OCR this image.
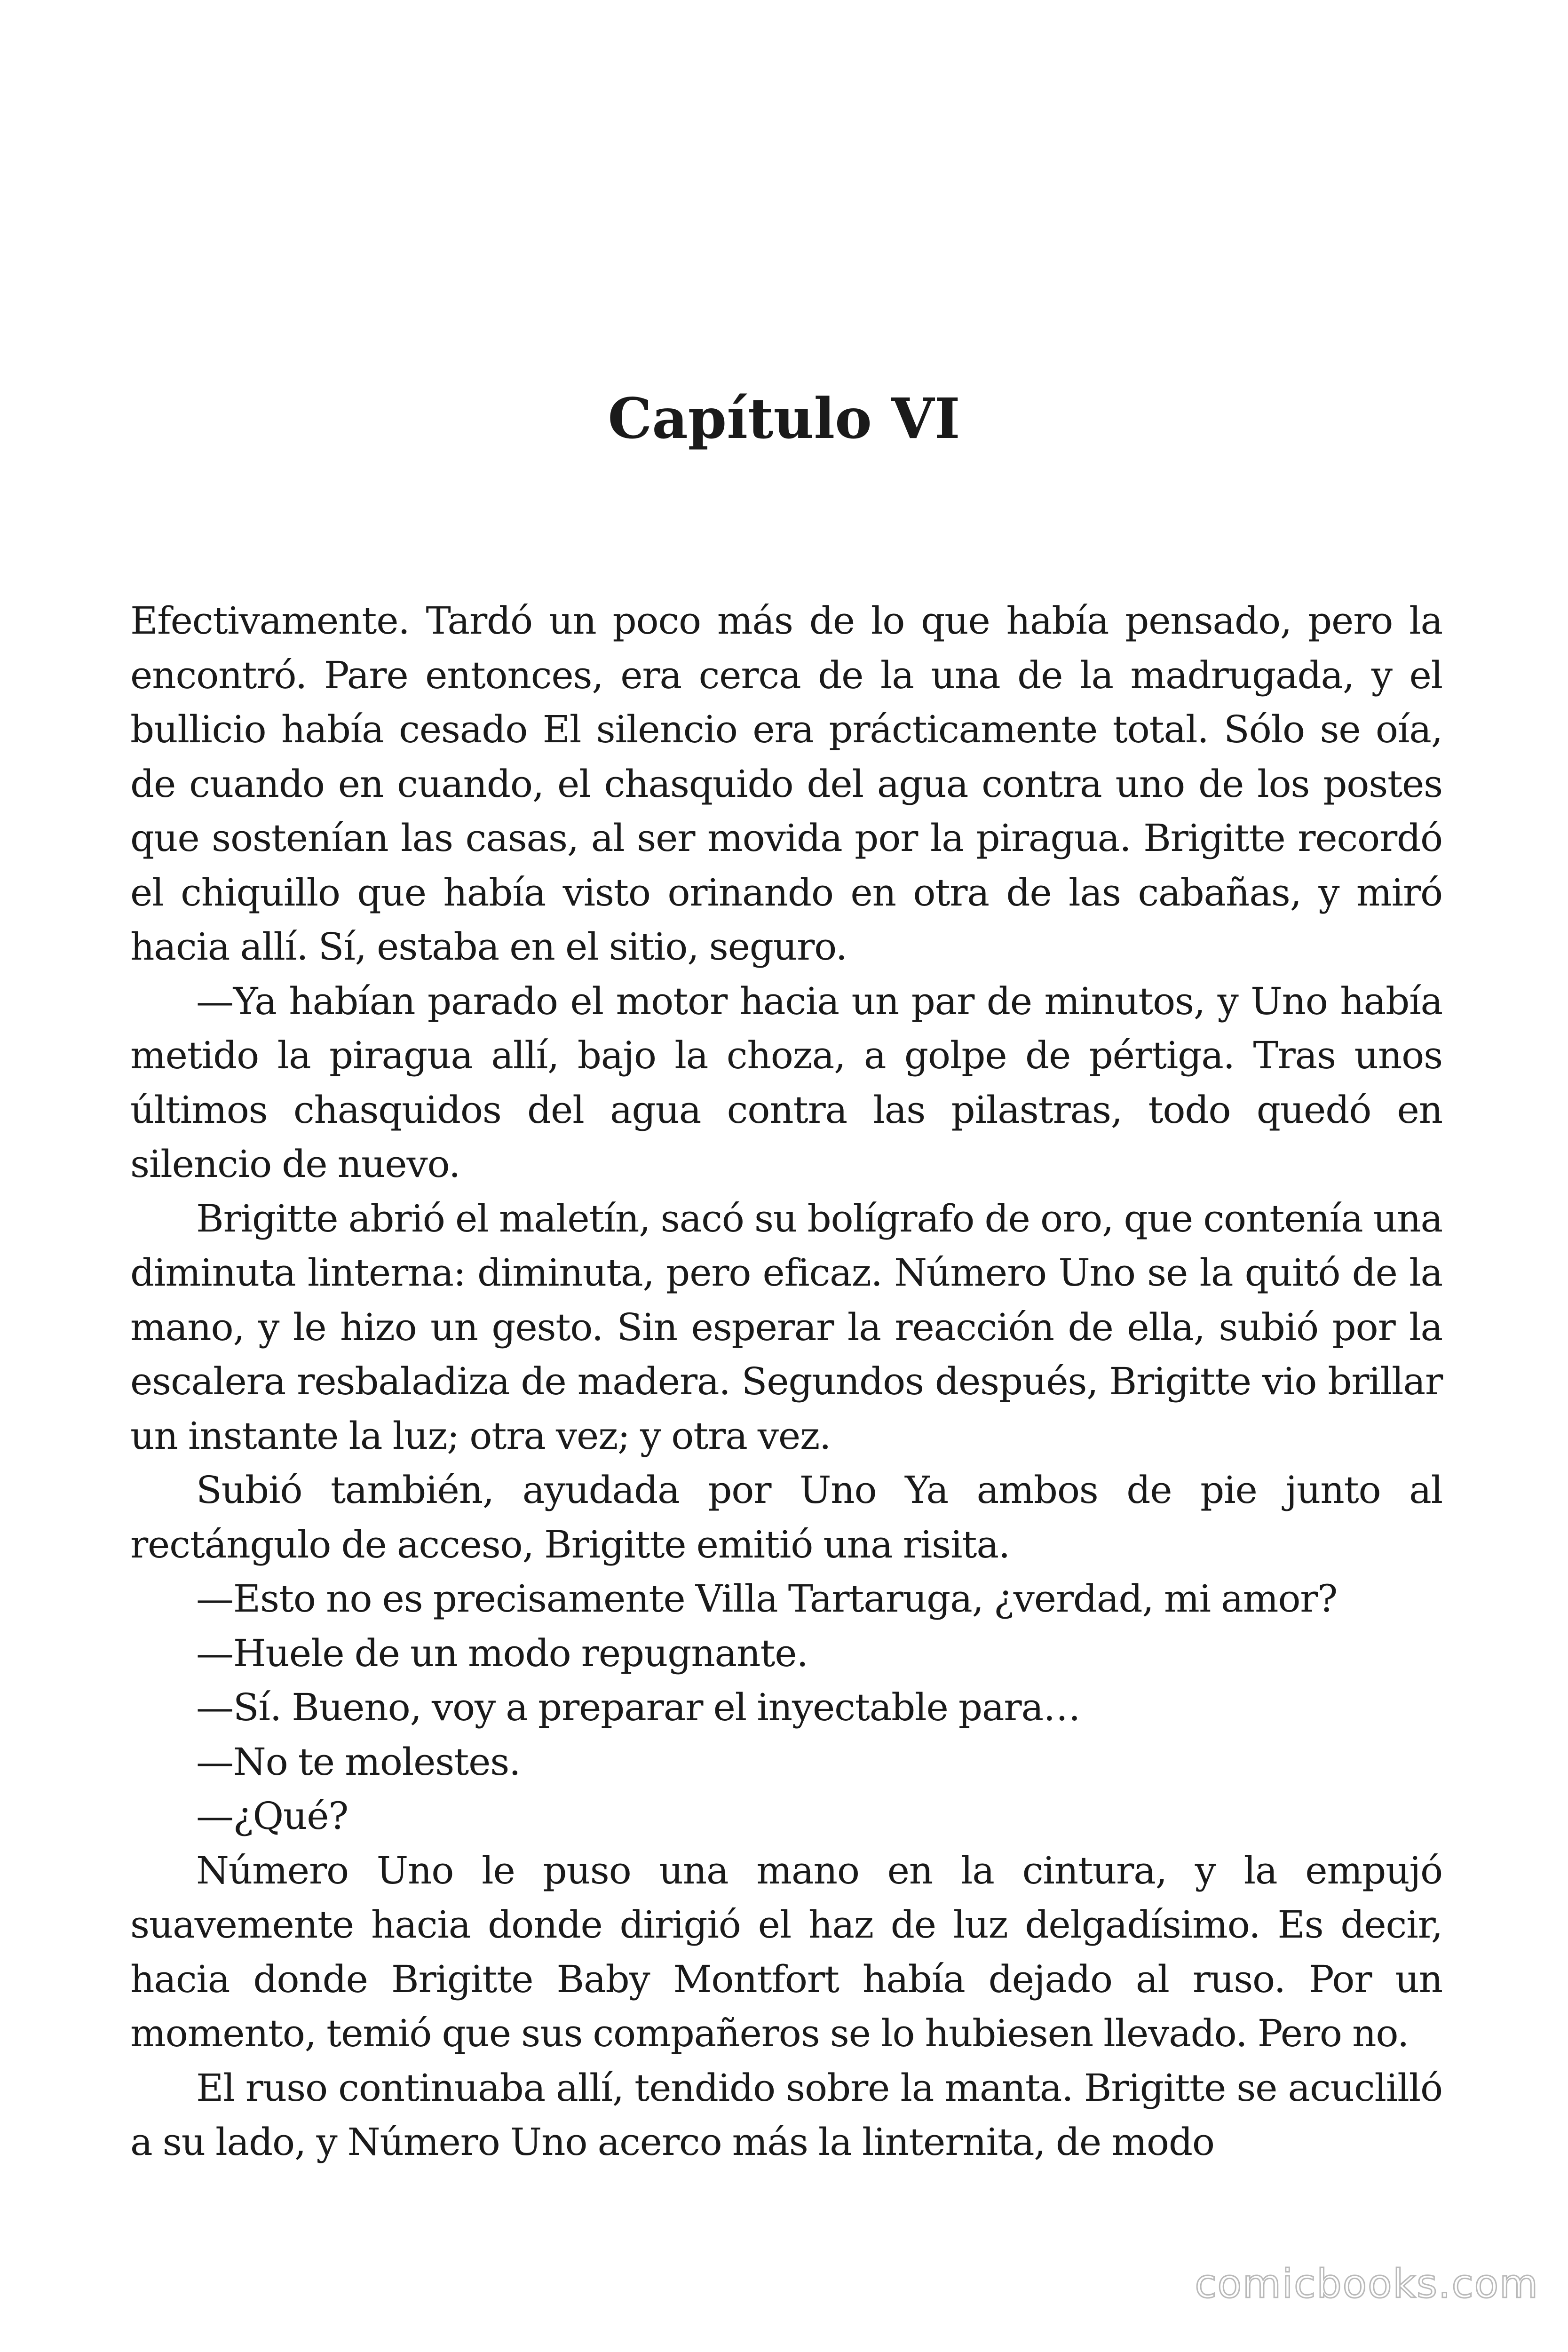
Capítulo VI

Efectivamente. Tardó un poco más de lo que había pensado, pero la encontró. Pare entonces, era cerca de la una de la madrugada, y el bullicio había cesado El silencio era prácticamente total. Sólo se oía, de cuando en cuando, el chasquido del agua contra uno de los postes que sostenían las casas, al ser movida por la piragua. Brigitte recordó el chiquillo que había visto orinando en otra de las cabañas, y miró hacia allí. Sí, estaba en el sitio, seguro.

—Ya habían parado el motor hacia un par de minutos, y Uno había metido la piragua allí, bajo la choza, a golpe de pértiga. Tras unos últimos chasquidos del agua contra las pilastras, todo quedó en silencio de nuevo.

Brigitte abrió el maletín, sacó su bolígrafo de oro, que contenía una diminuta linterna: diminuta, pero eficaz. Número Uno se la quitó de la mano, y le hizo un gesto. Sin esperar la reacción de ella, subió por la escalera resbaladiza de madera. Segundos después, Brigitte vio brillar un instante la luz; otra vez; y otra vez.

Subió también, ayudada por Uno Ya ambos de pie junto al rectángulo de acceso, Brigitte emitió una risita.

—Esto no es precisamente Villa Tartaruga, ¿verdad, mi amor?

—Huele de un modo repugnante.

—Sí. Bueno, voy a preparar el inyectable para…

—No te molestes.

—¿Qué?

Número Uno le puso una mano en la cintura, y la empujó suavemente hacia donde dirigió el haz de luz delgadísimo. Es decir, hacia donde Brigitte Baby Montfort había dejado al ruso. Por un momento, temió que sus compañeros se lo hubiesen llevado. Pero no.

El ruso continuaba allí, tendido sobre la manta. Brigitte se acuclilló a su lado, y Número Uno acerco más la linternita, de modo

comicbooks.com
